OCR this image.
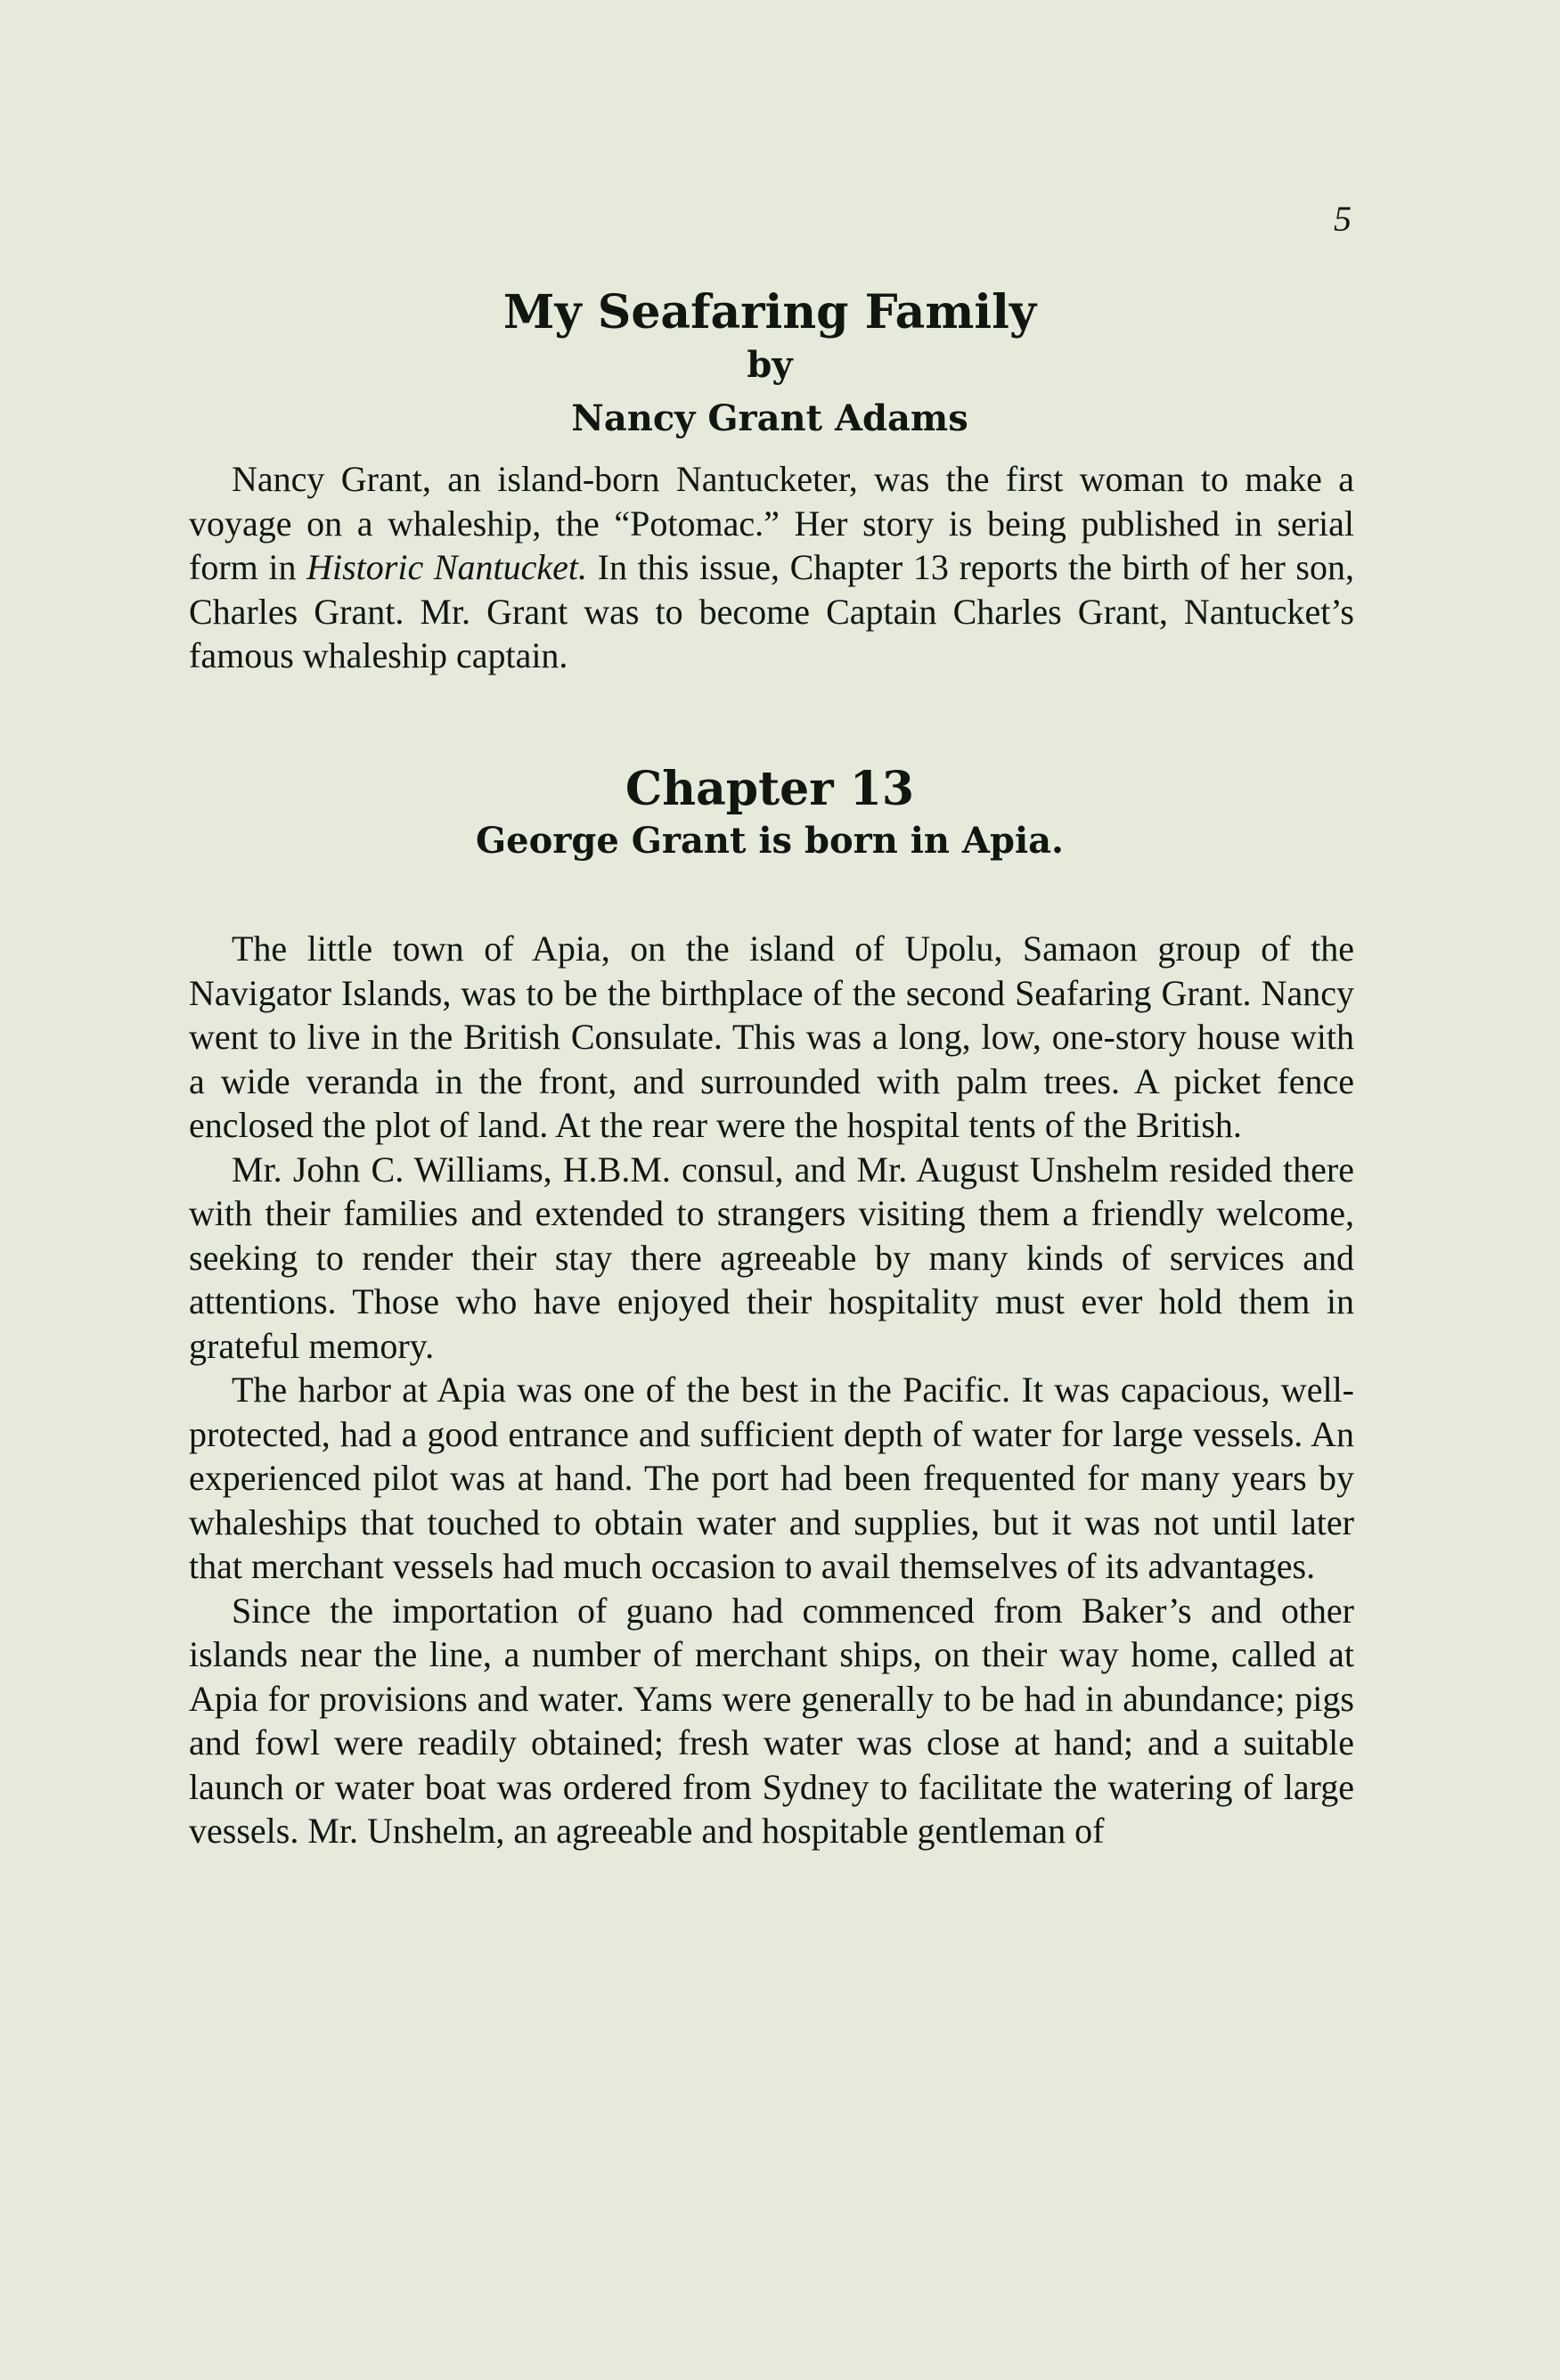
5

My Seafaring Family
by
Nancy Grant Adams

Nancy Grant, an island-born Nantucketer, was the first woman to make a voyage on a whaleship, the “Potomac.” Her story is being published in serial form in Historic Nantucket. In this issue, Chapter 13 reports the birth of her son, Charles Grant. Mr. Grant was to become Captain Charles Grant, Nantucket’s famous whaleship captain.

Chapter 13
George Grant is born in Apia.

The little town of Apia, on the island of Upolu, Samaon group of the Navigator Islands, was to be the birthplace of the second Seafaring Grant. Nancy went to live in the British Consulate. This was a long, low, one-story house with a wide veranda in the front, and surrounded with palm trees. A picket fence enclosed the plot of land. At the rear were the hospital tents of the British.

Mr. John C. Williams, H.B.M. consul, and Mr. August Unshelm resided there with their families and extended to strangers visiting them a friendly welcome, seeking to render their stay there agreeable by many kinds of services and attentions. Those who have enjoyed their hospitality must ever hold them in grateful memory.

The harbor at Apia was one of the best in the Pacific. It was capacious, well-protected, had a good entrance and sufficient depth of water for large vessels. An experienced pilot was at hand. The port had been frequented for many years by whaleships that touched to obtain water and supplies, but it was not until later that merchant vessels had much occasion to avail themselves of its advantages.

Since the importation of guano had commenced from Baker’s and other islands near the line, a number of merchant ships, on their way home, called at Apia for provisions and water. Yams were generally to be had in abundance; pigs and fowl were readily obtained; fresh water was close at hand; and a suitable launch or water boat was ordered from Sydney to facilitate the watering of large vessels. Mr. Unshelm, an agreeable and hospitable gentleman of
